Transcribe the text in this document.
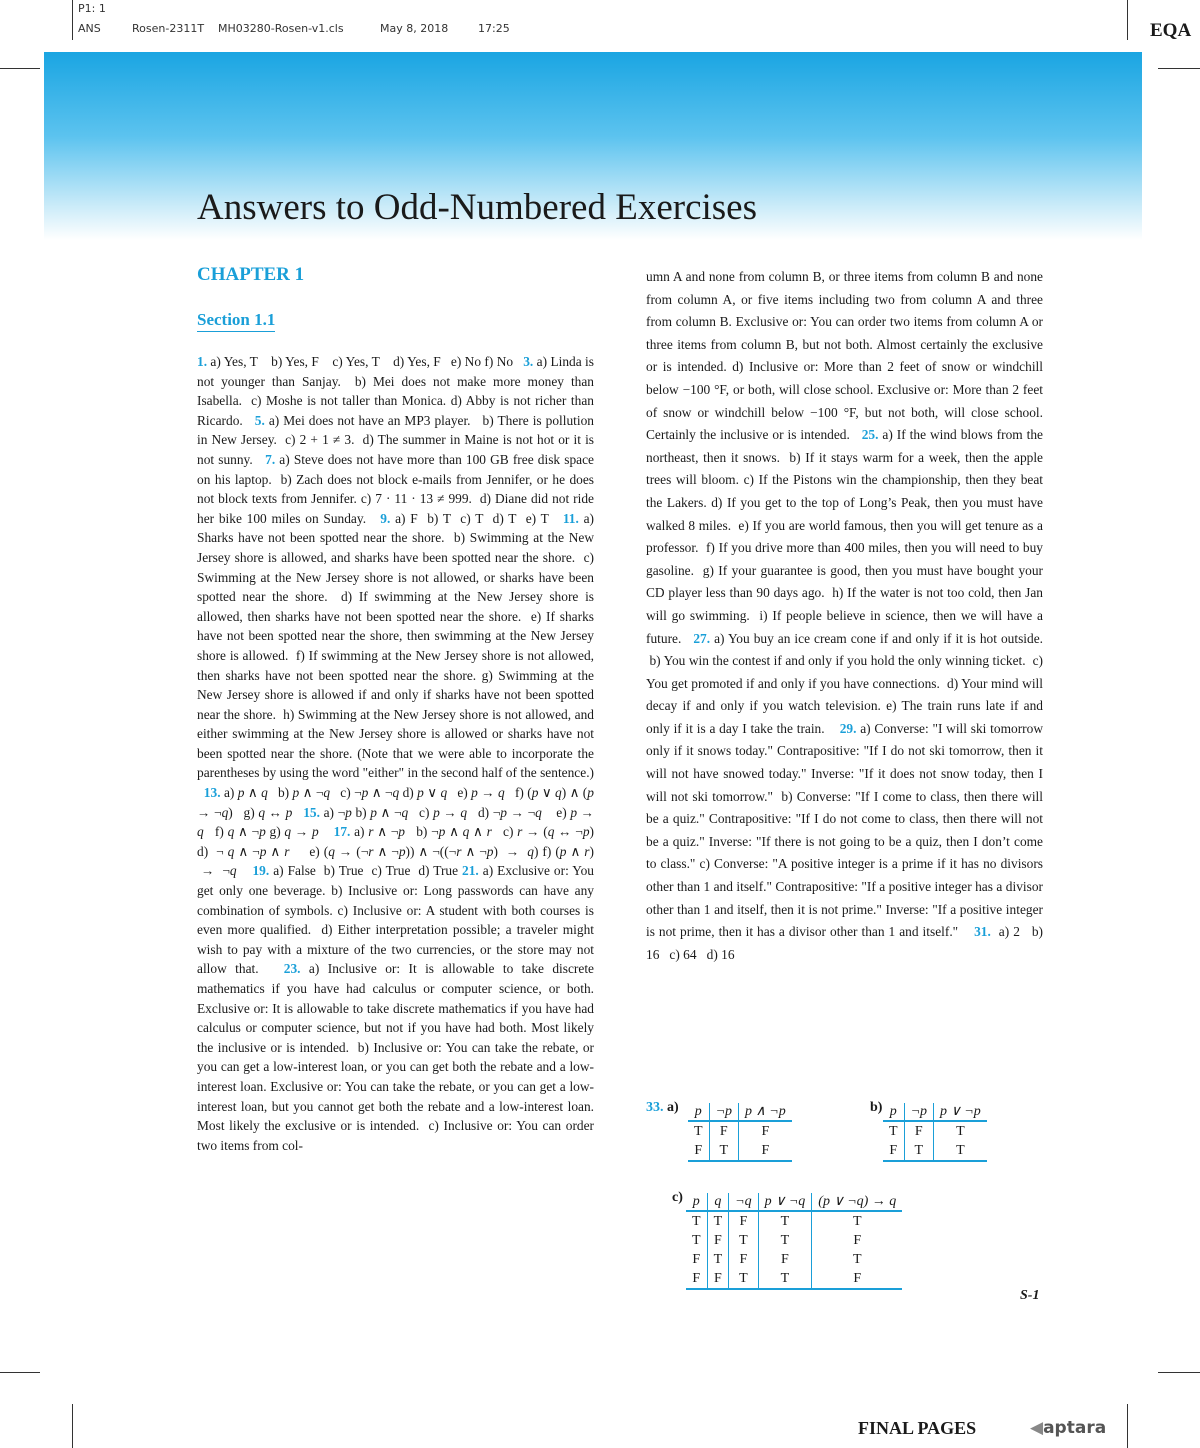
P1: 1
ANS	Rosen-2311T MH03280-Rosen-v1.cls	May 8, 2018	17:25	EQA
Answers to Odd-Numbered Exercises
CHAPTER 1
Section 1.1
1. a) Yes, T    b) Yes, F    c) Yes, T    d) Yes, F   e) No f) No   3. a) Linda is not younger than Sanjay.  b) Mei does not make more money than Isabella.  c) Moshe is not taller than Monica. d) Abby is not richer than Ricardo.   5. a) Mei does not have an MP3 player.   b) There is pollution in New Jersey.  c) 2 + 1 ≠ 3.  d) The summer in Maine is not hot or it is not sunny.   7. a) Steve does not have more than 100 GB free disk space on his laptop.  b) Zach does not block e-mails from Jennifer, or he does not block texts from Jennifer. c) 7 · 11 · 13 ≠ 999.  d) Diane did not ride her bike 100 miles on Sunday.   9. a) F  b) T  c) T  d) T  e) T   11. a) Sharks have not been spotted near the shore.  b) Swimming at the New Jersey shore is allowed, and sharks have been spotted near the shore.  c) Swimming at the New Jersey shore is not allowed, or sharks have been spotted near the shore.  d) If swimming at the New Jersey shore is allowed, then sharks have not been spotted near the shore.  e) If sharks have not been spotted near the shore, then swimming at the New Jersey shore is allowed.  f) If swimming at the New Jersey shore is not allowed, then sharks have not been spotted near the shore. g) Swimming at the New Jersey shore is allowed if and only if sharks have not been spotted near the shore.  h) Swimming at the New Jersey shore is not allowed, and either swimming at the New Jersey shore is allowed or sharks have not been spotted near the shore. (Note that we were able to incorporate the parentheses by using the word "either" in the second half of the sentence.)   13. a) p ∧ q   b) p ∧ ¬q   c) ¬p ∧ ¬q d) p ∨ q   e) p → q   f) (p ∨ q) ∧ (p → ¬q)   g) q ↔ p 15. a) ¬p b) p ∧ ¬q   c) p → q   d) ¬p → ¬q    e) p → q   f) q ∧ ¬p g) q → p 17. a) r ∧ ¬p   b) ¬p ∧ q ∧ r   c) r → (q ↔ ¬p) d)  ¬ q ∧ ¬p ∧ r     e) (q → (¬r ∧ ¬p)) ∧ ¬((¬r ∧ ¬p)  →  q) f) (p ∧ r)  →  ¬q 19. a) False  b) True  c) True  d) True 21. a) Exclusive or: You get only one beverage. b) Inclusive or: Long passwords can have any combination of symbols. c) Inclusive or: A student with both courses is even more qualified.  d) Either interpretation possible; a traveler might wish to pay with a mixture of the two currencies, or the store may not allow that.   23. a) Inclusive or: It is allowable to take discrete mathematics if you have had calculus or computer science, or both. Exclusive or: It is allowable to take discrete mathematics if you have had calculus or computer science, but not if you have had both. Most likely the inclusive or is intended.  b) Inclusive or: You can take the rebate, or you can get a low-interest loan, or you can get both the rebate and a low-interest loan. Exclusive or: You can take the rebate, or you can get a low-interest loan, but you cannot get both the rebate and a low-interest loan. Most likely the exclusive or is intended.  c) Inclusive or: You can order two items from col-
umn A and none from column B, or three items from column B and none from column A, or five items including two from column A and three from column B. Exclusive or: You can order two items from column A or three items from column B, but not both. Almost certainly the exclusive or is intended. d) Inclusive or: More than 2 feet of snow or windchill below −100 °F, or both, will close school. Exclusive or: More than 2 feet of snow or windchill below −100 °F, but not both, will close school. Certainly the inclusive or is intended.   25. a) If the wind blows from the northeast, then it snows.  b) If it stays warm for a week, then the apple trees will bloom. c) If the Pistons win the championship, then they beat the Lakers. d) If you get to the top of Long’s Peak, then you must have walked 8 miles.  e) If you are world famous, then you will get tenure as a professor.  f) If you drive more than 400 miles, then you will need to buy gasoline.  g) If your guarantee is good, then you must have bought your CD player less than 90 days ago.  h) If the water is not too cold, then Jan will go swimming.  i) If people believe in science, then we will have a future.   27. a) You buy an ice cream cone if and only if it is hot outside.  b) You win the contest if and only if you hold the only winning ticket.  c) You get promoted if and only if you have connections.  d) Your mind will decay if and only if you watch television. e) The train runs late if and only if it is a day I take the train.    29. a) Converse: "I will ski tomorrow only if it snows today." Contrapositive: "If I do not ski tomorrow, then it will not have snowed today." Inverse: "If it does not snow today, then I will not ski tomorrow."  b) Converse: "If I come to class, then there will be a quiz." Contrapositive: "If I do not come to class, then there will not be a quiz." Inverse: "If there is not going to be a quiz, then I don’t come to class." c) Converse: "A positive integer is a prime if it has no divisors other than 1 and itself." Contrapositive: "If a positive integer has a divisor other than 1 and itself, then it is not prime." Inverse: "If a positive integer is not prime, then it has a divisor other than 1 and itself."    31.  a) 2   b) 16   c) 64   d) 16
33. a) p	¬p	p ∧ ¬p
T	F	F
F	T	F
b) p	¬p	p ∨ ¬p
T	F	T
F	T	T
c) p	q	¬q	p ∨ ¬q	(p ∨ ¬q) → q
T	T	F	T	T
T	F	T	T	F
F	T	F	F	T
F	F	T	T	F
S-1
FINAL PAGES	◀aptara
